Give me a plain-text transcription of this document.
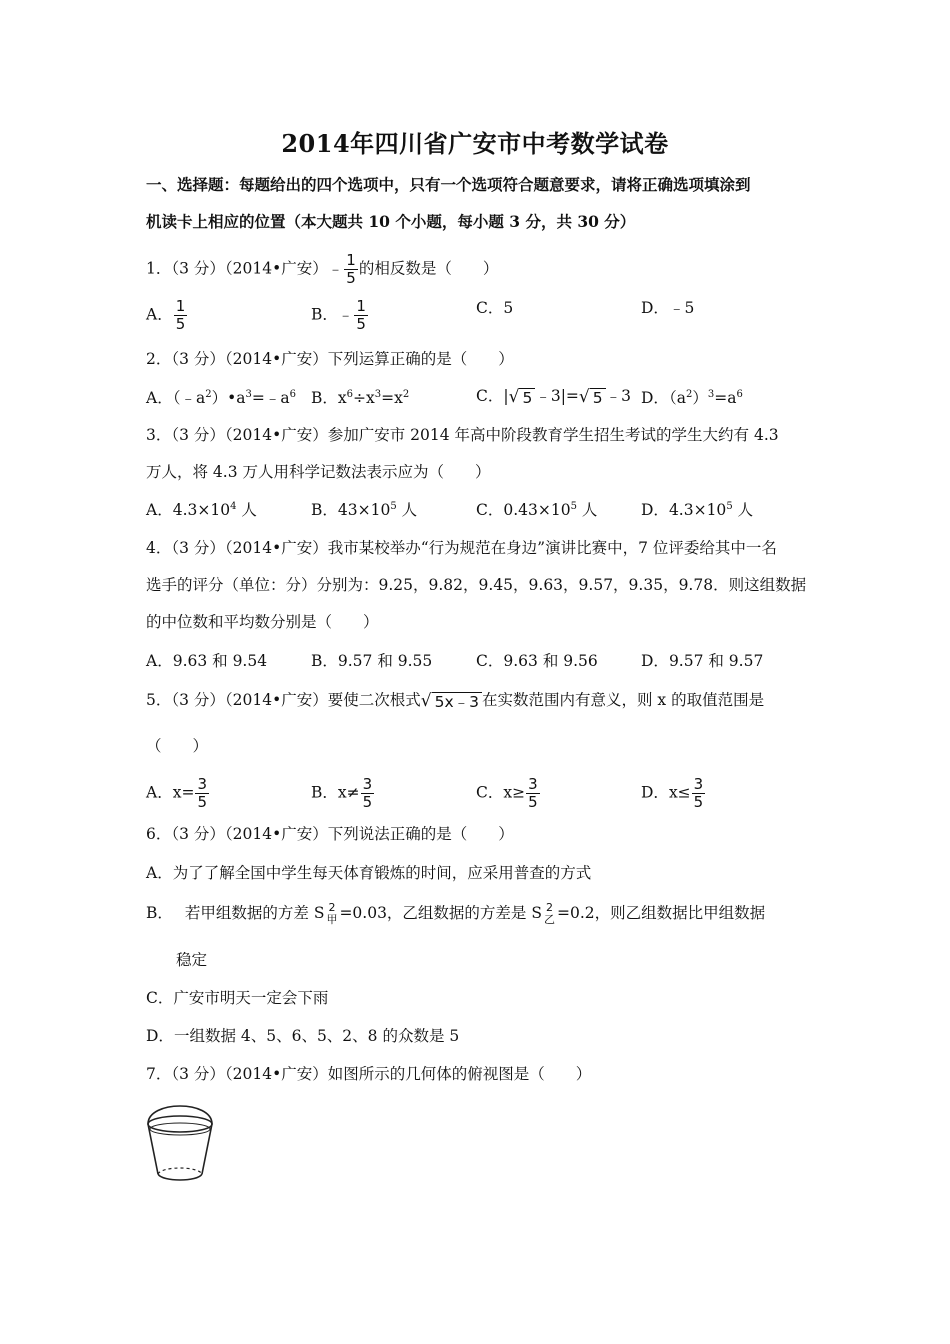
2014年四川省广安市中考数学试卷
一、选择题：每题给出的四个选项中，只有一个选项符合题意要求，请将正确选项填涂到
机读卡上相应的位置（本大题共 10 个小题，每小题 3 分，共 30 分）
1．（3 分）（2014•广安）﹣ $\frac{1}{5}$ 的相反数是（　　）
A． $\frac{1}{5}$	B．﹣ $\frac{1}{5}$	C．5	D．﹣5
2．（3 分）（2014•广安）下列运算正确的是（　　）
A．$(﹣a^2)•a^3=﹣a^6$ B．$x^6\div x^3=x^2$	C．| √ 5 ﹣3|= √ 5 ﹣3 D．$(a^2)^3=a^6$
3．（3 分）（2014•广安）参加广安市 2014 年高中阶段教育学生招生考试的学生大约有 4.3
万人，将 4.3 万人用科学记数法表示应为（　　）
A．$4.3\times 10^4$ 人	B．$43\times 10^5$ 人	C．$0.43\times 10^5$ 人	D．$4.3\times 10^5$ 人
4．（3 分）（2014•广安）我市某校举办“行为规范在身边”演讲比赛中，7 位评委给其中一名
选手的评分（单位：分）分别为：9.25，9.82，9.45，9.63，9.57，9.35，9.78．则这组数据
的中位数和平均数分别是（　　）
A．9.63 和 9.54	B．9.57 和 9.55	C．9.63 和 9.56	D．9.57 和 9.57
5．（3 分）（2014•广安）要使二次根式 √ 5x﹣3 在实数范围内有意义，则 x 的取值范围是
（　　）
A．$x= \frac{3}{5}$	B．$x\ne \frac{3}{5}$	C．$x\ge \frac{3}{5}$	D．$x\le \frac{3}{5}$
6．（3 分）（2014•广安）下列说法正确的是（　　）
A．为了了解全国中学生每天体育锻炼的时间，应采用普查的方式
B． 若甲组数据的方差 S 2
甲 =0.03，乙组数据的方差是 S 2
乙 =0.2，则乙组数据比甲组数据
稳定
C．广安市明天一定会下雨
D．一组数据 4、5、6、5、2、8 的众数是 5
7．（3 分）（2014•广安）如图所示的几何体的俯视图是（　　）
